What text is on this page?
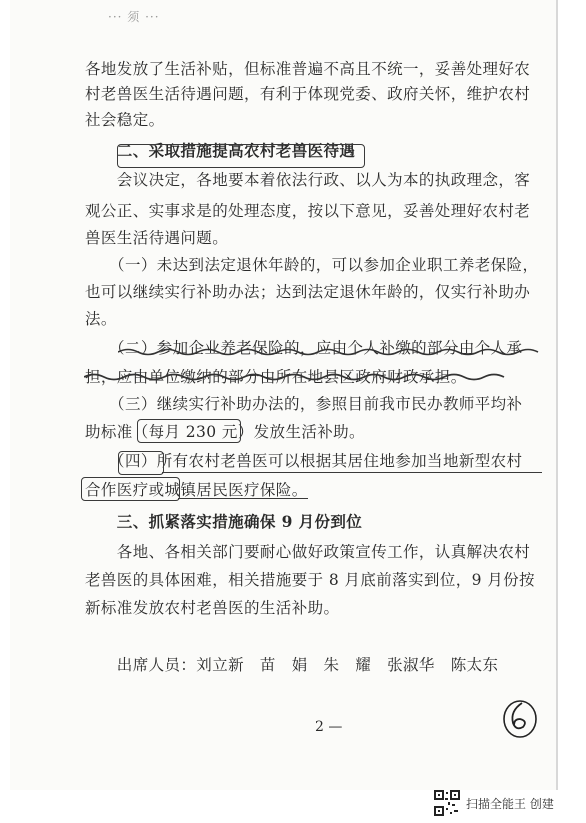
··· 须 ···
各地发放了生活补贴，但标准普遍不高且不统一，妥善处理好农
村老兽医生活待遇问题，有利于体现党委、政府关怀，维护农村
社会稳定。
　　二、采取措施提高农村老兽医待遇
　　会议决定，各地要本着依法行政、以人为本的执政理念，客
观公正、实事求是的处理态度，按以下意见，妥善处理好农村老
兽医生活待遇问题。
　　（一）未达到法定退休年龄的，可以参加企业职工养老保险，
也可以继续实行补助办法；达到法定退休年龄的，仅实行补助办
法。
　　（二）参加企业养老保险的，应由个人补缴的部分由个人承
担，应由单位缴纳的部分由所在地县区政府财政承担。
　　（三）继续实行补助办法的，参照目前我市民办教师平均补
助标准（每月 230 元）发放生活补助。
　　（四）所有农村老兽医可以根据其居住地参加当地新型农村
合作医疗或城镇居民医疗保险。
　　三、抓紧落实措施确保 9 月份到位
　　各地、各相关部门要耐心做好政策宣传工作，认真解决农村
老兽医的具体困难，相关措施要于 8 月底前落实到位，9 月份按
新标准发放农村老兽医的生活补助。
　　出席人员：刘立新　苗　娟　朱　耀　张淑华　陈太东
2 —
扫描全能王 创建
